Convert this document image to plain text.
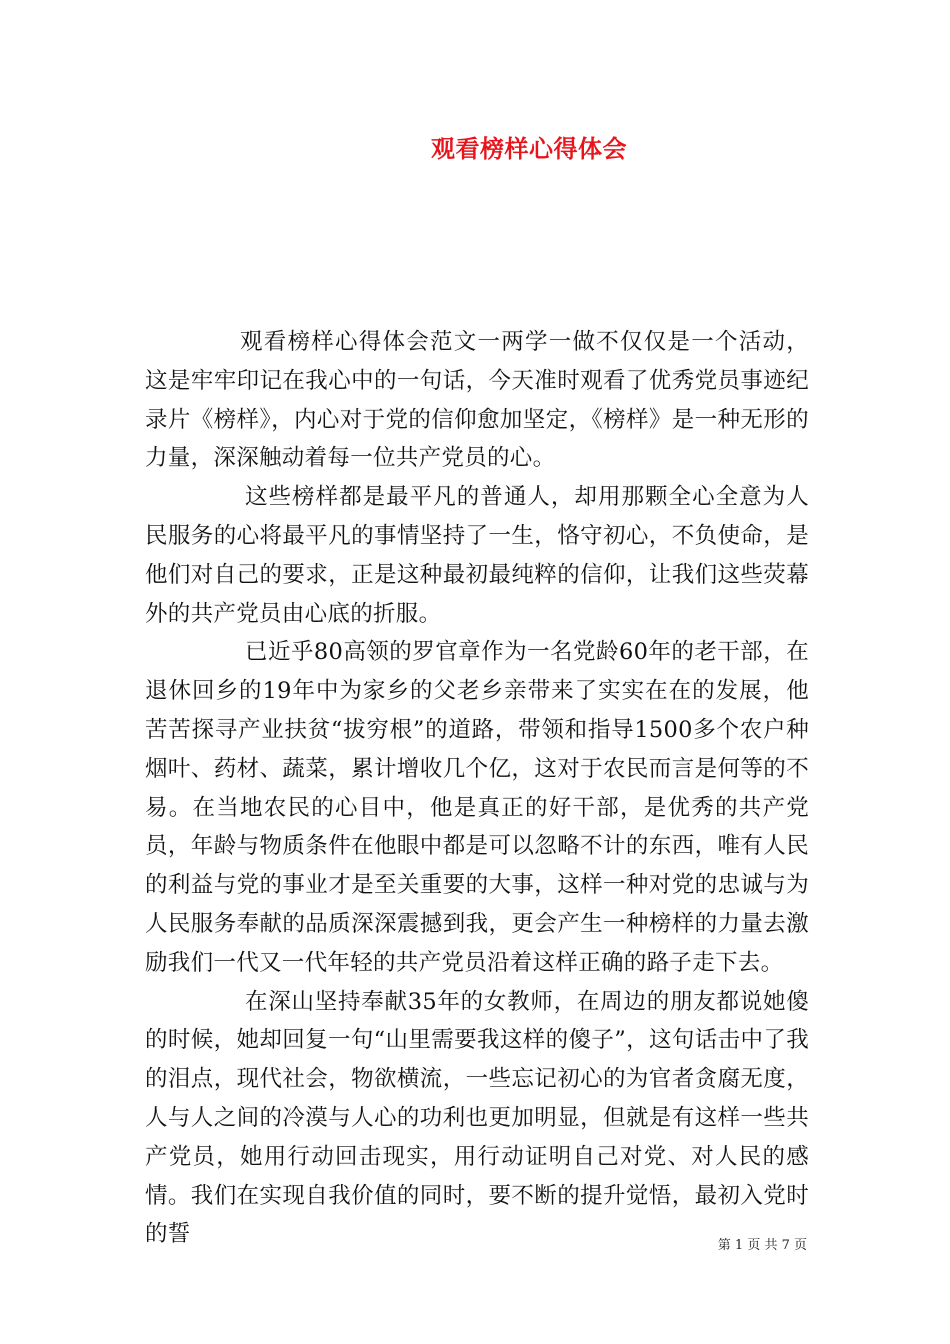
观看榜样心得体会

观看榜样心得体会范文一两学一做不仅仅是一个活动，这是牢牢印记在我心中的一句话，今天准时观看了优秀党员事迹纪录片《榜样》，内心对于党的信仰愈加坚定，《榜样》是一种无形的力量，深深触动着每一位共产党员的心。

这些榜样都是最平凡的普通人，却用那颗全心全意为人民服务的心将最平凡的事情坚持了一生，恪守初心，不负使命，是他们对自己的要求，正是这种最初最纯粹的信仰，让我们这些荧幕外的共产党员由心底的折服。

已近乎80高领的罗官章作为一名党龄60年的老干部，在退休回乡的19年中为家乡的父老乡亲带来了实实在在的发展，他苦苦探寻产业扶贫“拔穷根”的道路，带领和指导1500多个农户种烟叶、药材、蔬菜，累计增收几个亿，这对于农民而言是何等的不易。在当地农民的心目中，他是真正的好干部，是优秀的共产党员，年龄与物质条件在他眼中都是可以忽略不计的东西，唯有人民的利益与党的事业才是至关重要的大事，这样一种对党的忠诚与为人民服务奉献的品质深深震撼到我，更会产生一种榜样的力量去激励我们一代又一代年轻的共产党员沿着这样正确的路子走下去。

在深山坚持奉献35年的女教师，在周边的朋友都说她傻的时候，她却回复一句“山里需要我这样的傻子”，这句话击中了我的泪点，现代社会，物欲横流，一些忘记初心的为官者贪腐无度，人与人之间的冷漠与人心的功利也更加明显，但就是有这样一些共产党员，她用行动回击现实，用行动证明自己对党、对人民的感情。我们在实现自我价值的同时，要不断的提升觉悟，最初入党时的誓	第 1 页 共 7 页
